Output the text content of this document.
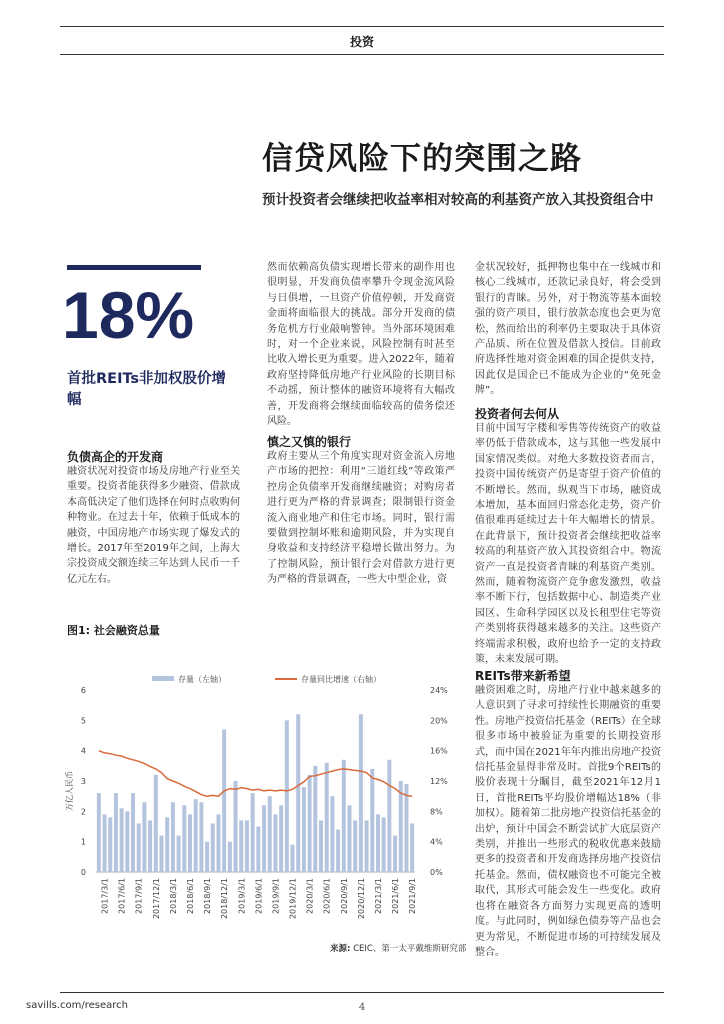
投资
信贷风险下的突围之路
预计投资者会继续把收益率相对较高的利基资产放入其投资组合中
18%
首批REITs非加权股价增幅
负债高企的开发商
融资状况对投资市场及房地产行业至关重要。投资者能获得多少融资、借款成本高低决定了他们选择在何时点收购何种物业。在过去十年，依赖于低成本的融资，中国房地产市场实现了爆发式的增长。2017年至2019年之间，上海大宗投资成交额连续三年达到人民币一千亿元左右。
然而依赖高负债实现增长带来的副作用也很明显，开发商负债率攀升令现金流风险与日俱增，一旦资产价值停顿，开发商资金面将面临很大的挑战。部分开发商的债务危机方行业敲响警钟。当外部环境困难时，对一个企业来说，风险控制有时甚至比收入增长更为重要。进入2022年，随着政府坚持降低房地产行业风险的长期目标不动摇，预计整体的融资环境将有大幅改善，开发商将会继续面临较高的债务偿还风险。
慎之又慎的银行
政府主要从三个角度实现对资金流入房地产市场的把控：利用“三道红线”等政策严控房企负债率开发商继续融资；对购房者进行更为严格的背景调查；限制银行资金流入商业地产和住宅市场。同时，银行需要做到控制坏账和逾期风险，并为实现自身收益和支持经济平稳增长做出努力。为了控制风险，预计银行会对借款方进行更为严格的背景调查，一些大中型企业，资
金状况较好，抵押物也集中在一线城市和核心二线城市，还款记录良好，将会受到银行的青睐。另外，对于物流等基本面较强的资产项目，银行放款态度也会更为宽松，然而给出的利率仍主要取决于具体资产品质、所在位置及借款人授信。目前政府选择性地对资金困难的国企提供支持，因此仅是国企已不能成为企业的“免死金牌”。
投资者何去何从
目前中国写字楼和零售等传统资产的收益率仍低于借款成本，这与其他一些发展中国家情况类似。对绝大多数投资者而言，投资中国传统资产仍是寄望于资产价值的不断增长。然而，纵观当下市场，融资成本增加，基本面回归常态化走势，资产价值很难再延续过去十年大幅增长的情景。在此背景下，预计投资者会继续把收益率较高的利基资产放入其投资组合中。物流资产一直是投资者青睐的利基资产类别。然而，随着物流资产竞争愈发激烈，收益率不断下行，包括数据中心、制造类产业园区、生命科学园区以及长租型住宅等资产类别将获得越来越多的关注。这些资产终端需求积极，政府也给予一定的支持政策，未来发展可期。
REITs带来新希望
融资困难之时，房地产行业中越来越多的人意识到了寻求可持续性长期融资的重要性。房地产投资信托基金（REITs）在全球很多市场中被验证为重要的长期投资形式，而中国在2021年年内推出房地产投资信托基金显得非常及时。首批9个REITs的股价表现十分瞩目，截至2021年12月1日，首批REITs平均股价增幅达18%（非加权）。随着第二批房地产投资信托基金的出炉，预计中国会不断尝试扩大底层资产类别，并推出一些形式的税收优惠来鼓励更多的投资者和开发商选择房地产投资信托基金。然而，债权融资也不可能完全被取代，其形式可能会发生一些变化。政府也将在融资各方面努力实现更高的透明度。与此同时，例如绿色债券等产品也会更为常见，不断促进市场的可持续发展及整合。
图1: 社会融资总量
存量（左轴）	存量同比增速（右轴）
0
1
2
3
4
5
6
0%
4%
8%
12%
16%
20%
24%
万亿人民币
2017/3/1 2017/6/1 2017/9/1 2017/12/1 2018/3/1 2018/6/1 2018/9/1 2018/12/1 2019/3/1 2019/6/1 2019/9/1 2019/12/1 2020/3/1 2020/6/1 2020/9/1 2020/12/1 2021/3/1 2021/6/1 2021/9/1
来源: CEIC、第一太平戴维斯研究部
savills.com/research	4
